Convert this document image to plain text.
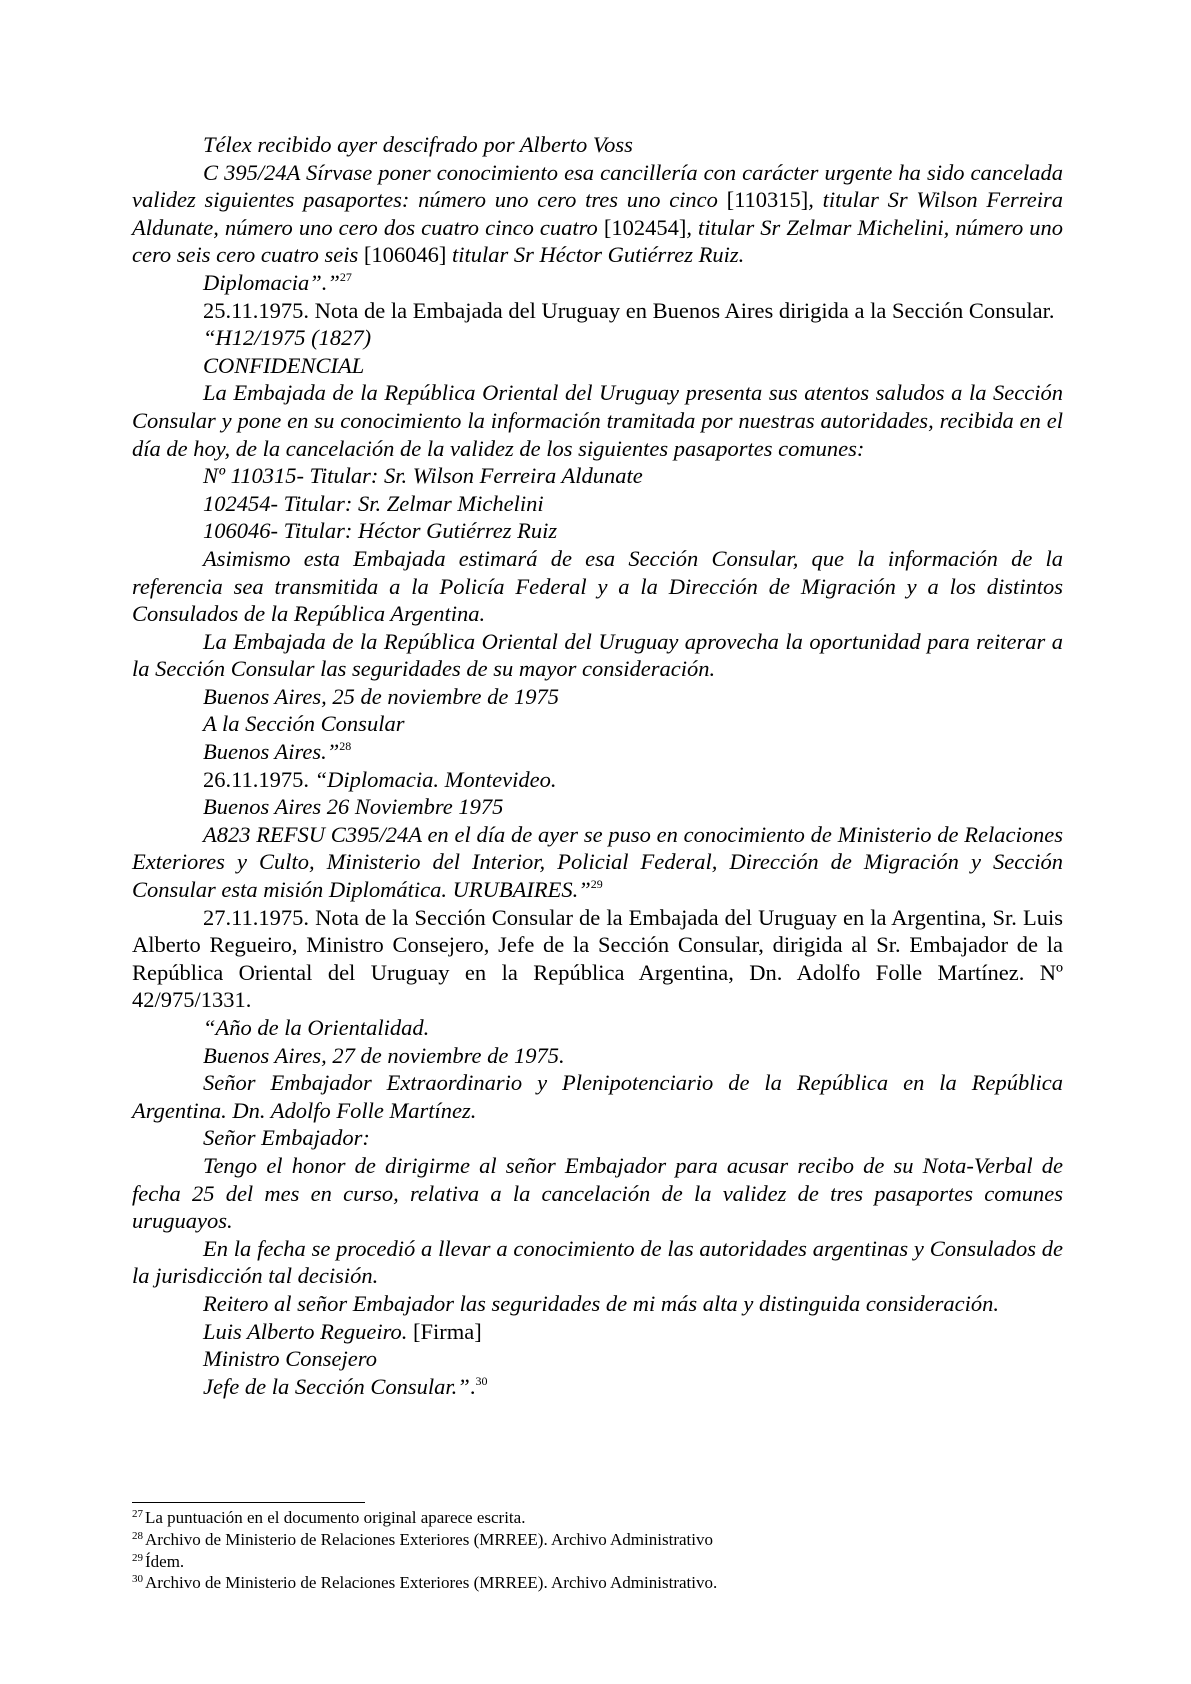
Télex recibido ayer descifrado por Alberto Voss

C 395/24A Sírvase poner conocimiento esa cancillería con carácter urgente ha sido cancelada validez siguientes pasaportes: número uno cero tres uno cinco [110315], titular Sr Wilson Ferreira Aldunate, número uno cero dos cuatro cinco cuatro [102454], titular Sr Zelmar Michelini, número uno cero seis cero cuatro seis [106046] titular Sr Héctor Gutiérrez Ruiz.

Diplomacia”.”$^{27}$

25.11.1975. Nota de la Embajada del Uruguay en Buenos Aires dirigida a la Sección Consular.

“H12/1975 (1827)

CONFIDENCIAL

La Embajada de la República Oriental del Uruguay presenta sus atentos saludos a la Sección Consular y pone en su conocimiento la información tramitada por nuestras autoridades, recibida en el día de hoy, de la cancelación de la validez de los siguientes pasaportes comunes:

Nº 110315- Titular: Sr. Wilson Ferreira Aldunate

102454- Titular: Sr. Zelmar Michelini

106046- Titular: Héctor Gutiérrez Ruiz

Asimismo esta Embajada estimará de esa Sección Consular, que la información de la referencia sea transmitida a la Policía Federal y a la Dirección de Migración y a los distintos Consulados de la República Argentina.

La Embajada de la República Oriental del Uruguay aprovecha la oportunidad para reiterar a la Sección Consular las seguridades de su mayor consideración.

Buenos Aires, 25 de noviembre de 1975

A la Sección Consular

Buenos Aires.”$^{28}$

26.11.1975. “Diplomacia. Montevideo.

Buenos Aires 26 Noviembre 1975

A823 REFSU C395/24A en el día de ayer se puso en conocimiento de Ministerio de Relaciones Exteriores y Culto, Ministerio del Interior, Policial Federal, Dirección de Migración y Sección Consular esta misión Diplomática. URUBAIRES.”$^{29}$

27.11.1975. Nota de la Sección Consular de la Embajada del Uruguay en la Argentina, Sr. Luis Alberto Regueiro, Ministro Consejero, Jefe de la Sección Consular, dirigida al Sr. Embajador de la República Oriental del Uruguay en la República Argentina, Dn. Adolfo Folle Martínez. Nº 42/975/1331.

“Año de la Orientalidad.

Buenos Aires, 27 de noviembre de 1975.

Señor Embajador Extraordinario y Plenipotenciario de la República en la República Argentina. Dn. Adolfo Folle Martínez.

Señor Embajador:

Tengo el honor de dirigirme al señor Embajador para acusar recibo de su Nota-Verbal de fecha 25 del mes en curso, relativa a la cancelación de la validez de tres pasaportes comunes uruguayos.

En la fecha se procedió a llevar a conocimiento de las autoridades argentinas y Consulados de la jurisdicción tal decisión.

Reitero al señor Embajador las seguridades de mi más alta y distinguida consideración.

Luis Alberto Regueiro. [Firma]

Ministro Consejero

Jefe de la Sección Consular.”.$^{30}$

$^{27}$ La puntuación en el documento original aparece escrita.

$^{28}$ Archivo de Ministerio de Relaciones Exteriores (MRREE). Archivo Administrativo

$^{29}$ Ídem.

$^{30}$ Archivo de Ministerio de Relaciones Exteriores (MRREE). Archivo Administrativo.
